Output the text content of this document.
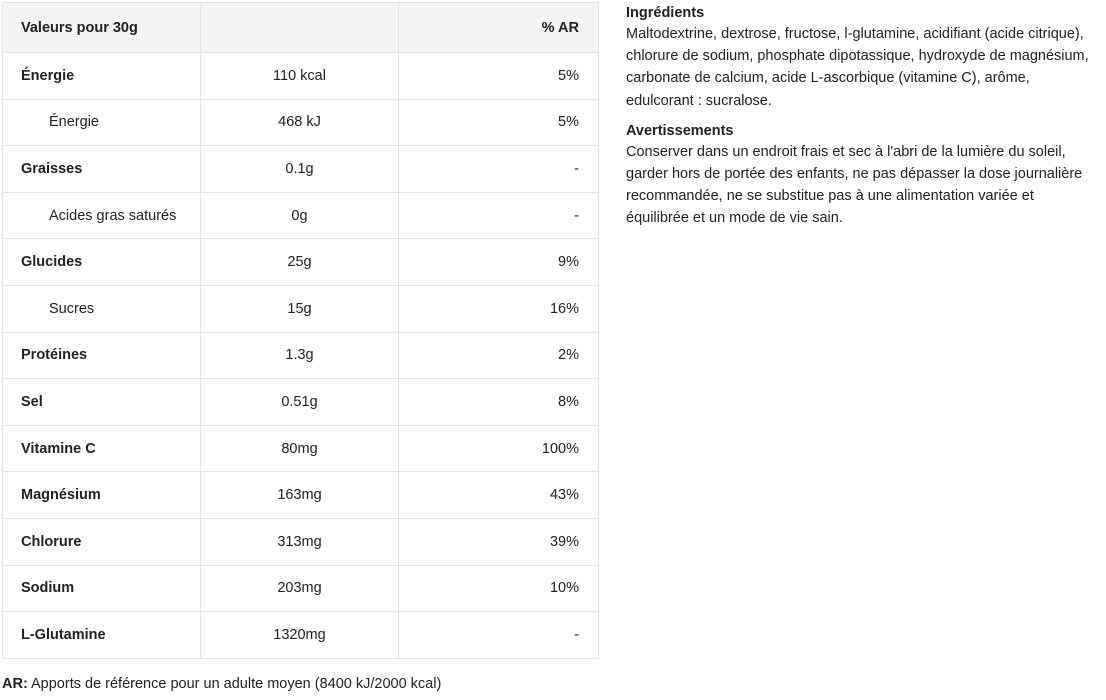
Valeurs pour 30g		% AR
Énergie	110 kcal	5%
Énergie	468 kJ	5%
Graisses	0.1g	-
Acides gras saturés	0g	-
Glucides	25g	9%
Sucres	15g	16%
Protéines	1.3g	2%
Sel	0.51g	8%
Vitamine C	80mg	100%
Magnésium	163mg	43%
Chlorure	313mg	39%
Sodium	203mg	10%
L-Glutamine	1320mg	-
AR: Apports de référence pour un adulte moyen (8400 kJ/2000 kcal)
Ingrédients

Maltodextrine, dextrose, fructose, l-glutamine, acidifiant (acide citrique), chlorure de sodium, phosphate dipotassique, hydroxyde de magnésium, carbonate de calcium, acide L-ascorbique (vitamine C), arôme, edulcorant : sucralose.

Avertissements

Conserver dans un endroit frais et sec à l'abri de la lumière du soleil, garder hors de portée des enfants, ne pas dépasser la dose journalière recommandée, ne se substitue pas à une alimentation variée et équilibrée et un mode de vie sain.
